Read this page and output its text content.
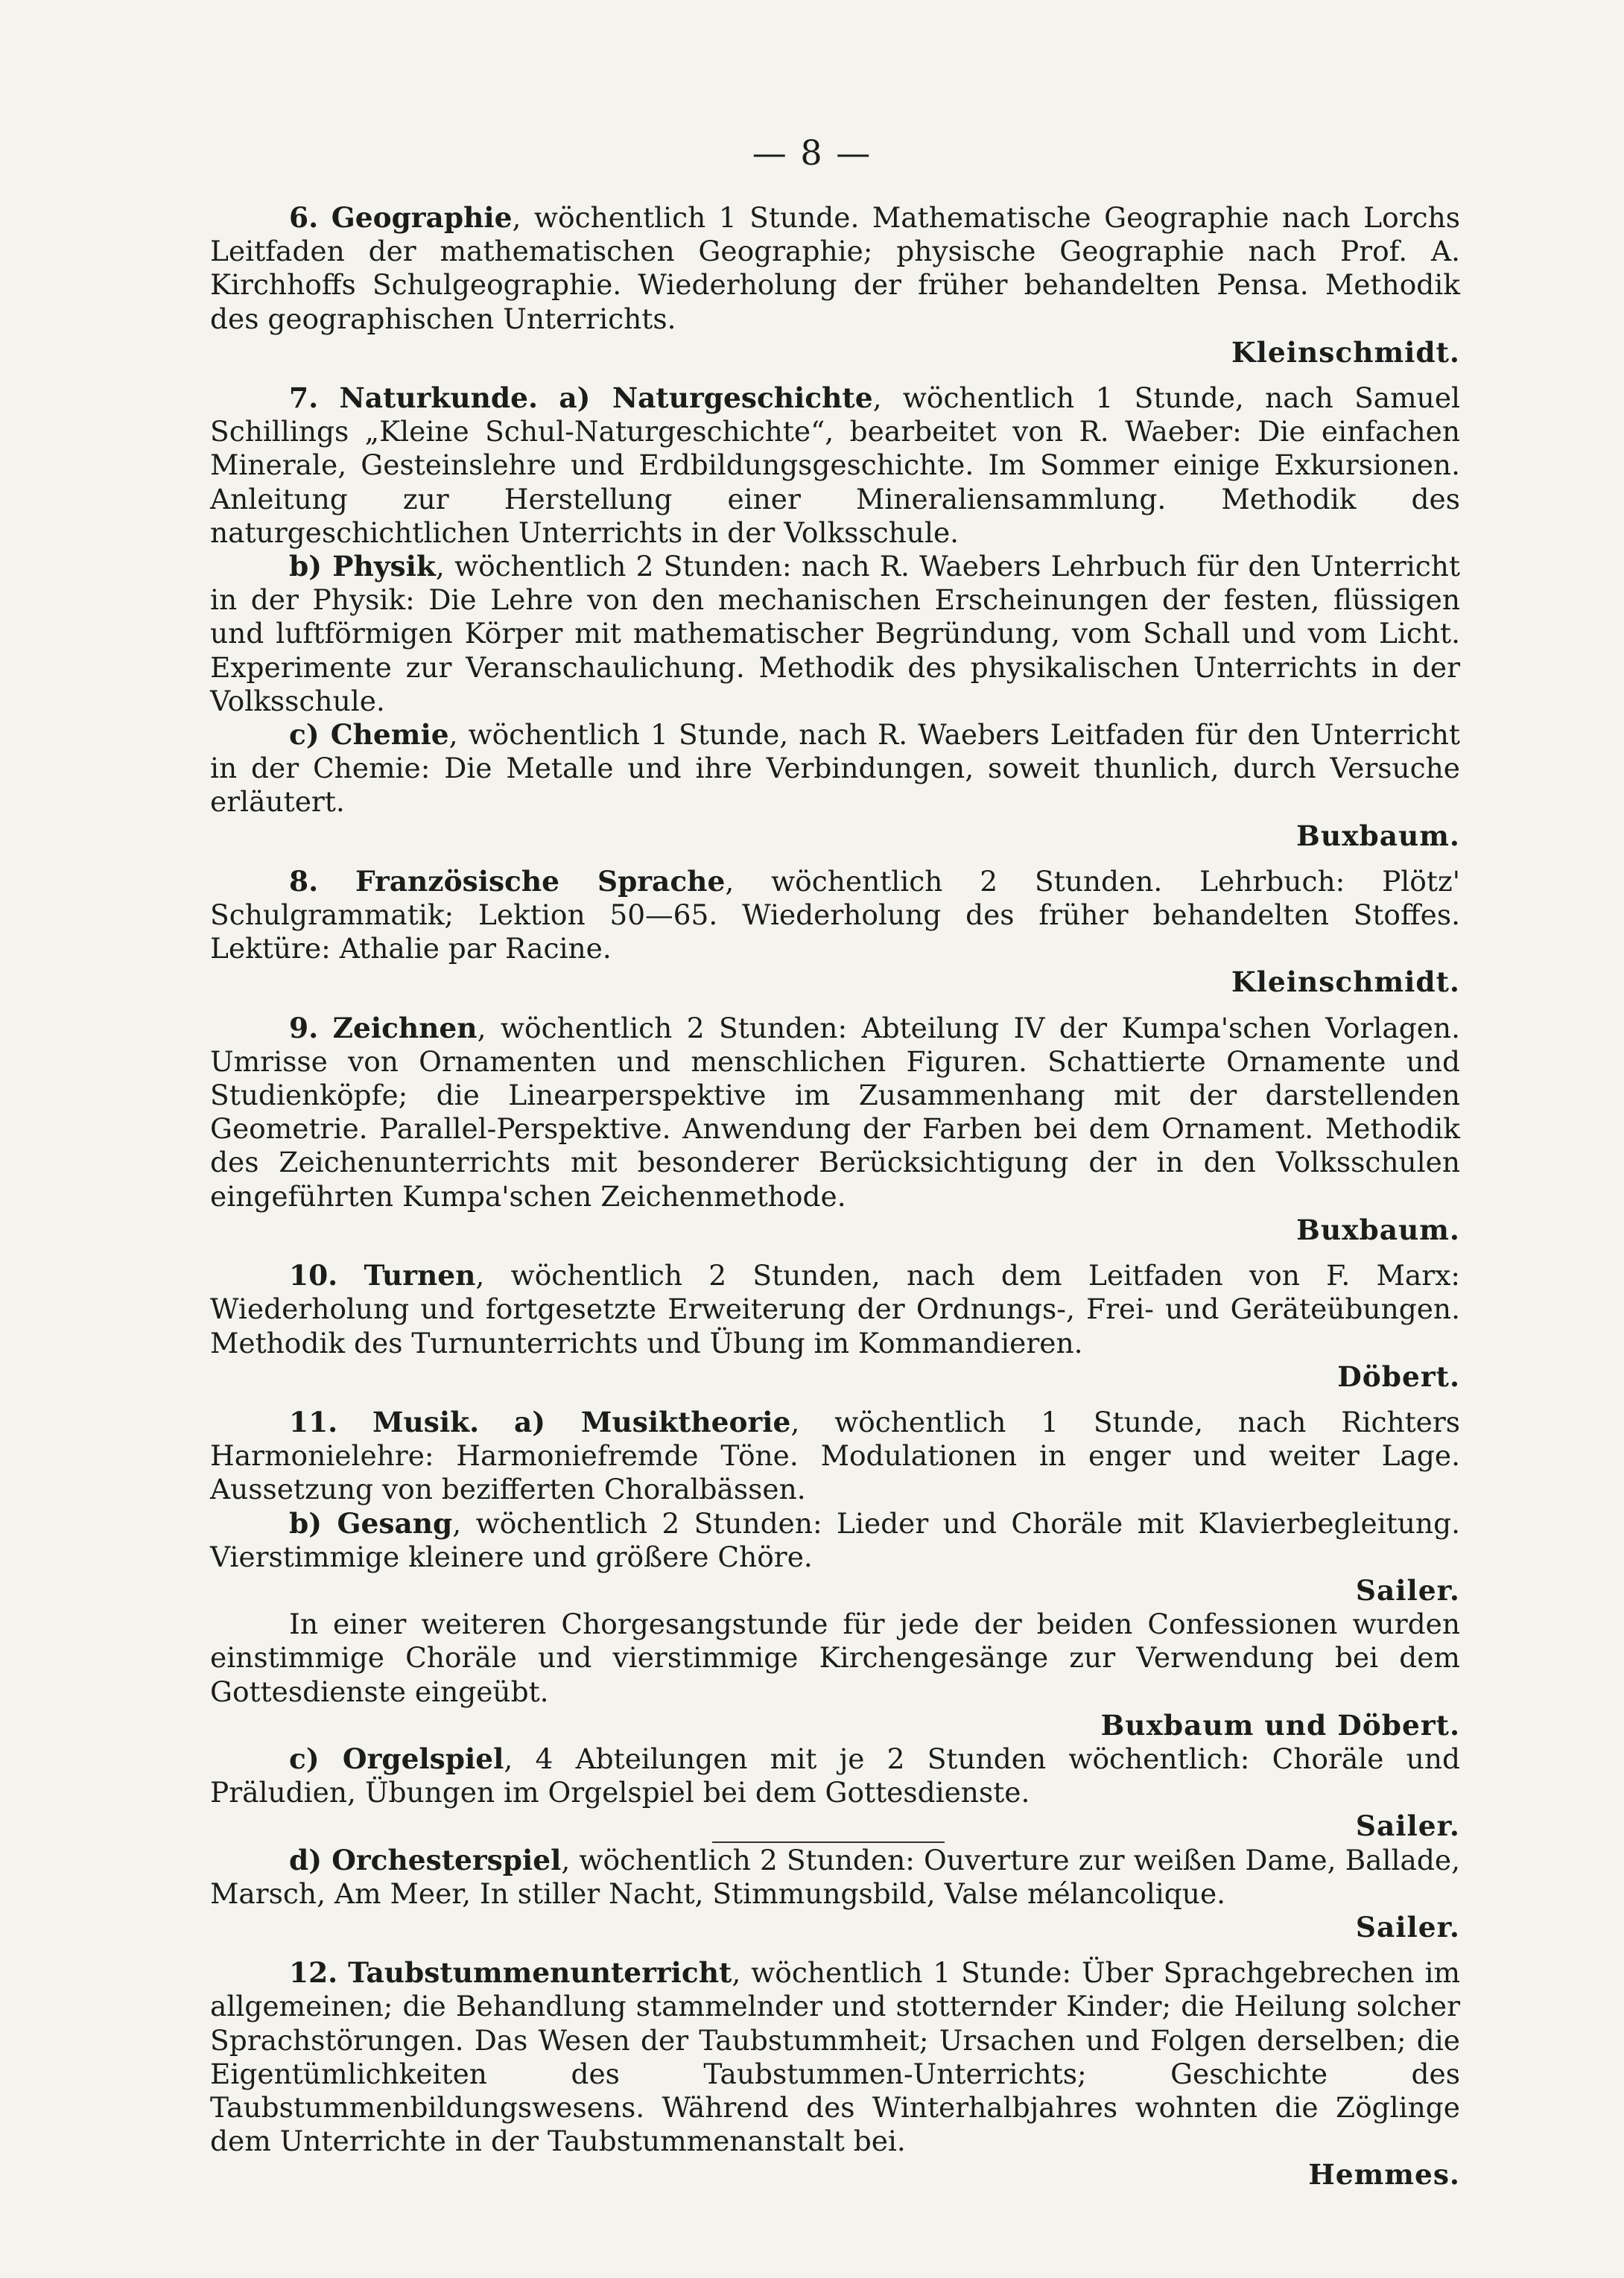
— 8 —

6. Geographie, wöchentlich 1 Stunde. Mathematische Geographie nach Lorchs Leitfaden der mathematischen Geographie; physische Geographie nach Prof. A. Kirchhoffs Schulgeographie. Wiederholung der früher behandelten Pensa. Methodik des geographischen Unterrichts.

Kleinschmidt.

7. Naturkunde. a) Naturgeschichte, wöchentlich 1 Stunde, nach Samuel Schillings „Kleine Schul-Naturgeschichte“, bearbeitet von R. Waeber: Die einfachen Minerale, Gesteinslehre und Erdbildungsgeschichte. Im Sommer einige Exkursionen. Anleitung zur Herstellung einer Mineraliensammlung. Methodik des naturgeschichtlichen Unterrichts in der Volksschule.

b) Physik, wöchentlich 2 Stunden: nach R. Waebers Lehrbuch für den Unterricht in der Physik: Die Lehre von den mechanischen Erscheinungen der festen, flüssigen und luftförmigen Körper mit mathematischer Begründung, vom Schall und vom Licht. Experimente zur Veranschaulichung. Methodik des physikalischen Unterrichts in der Volksschule.

c) Chemie, wöchentlich 1 Stunde, nach R. Waebers Leitfaden für den Unterricht in der Chemie: Die Metalle und ihre Verbindungen, soweit thunlich, durch Versuche erläutert.

Buxbaum.

8. Französische Sprache, wöchentlich 2 Stunden. Lehrbuch: Plötz' Schulgrammatik; Lektion 50—65. Wiederholung des früher behandelten Stoffes. Lektüre: Athalie par Racine.

Kleinschmidt.

9. Zeichnen, wöchentlich 2 Stunden: Abteilung IV der Kumpa'schen Vorlagen. Umrisse von Ornamenten und menschlichen Figuren. Schattierte Ornamente und Studienköpfe; die Linearperspektive im Zusammenhang mit der darstellenden Geometrie. Parallel-Perspektive. Anwendung der Farben bei dem Ornament. Methodik des Zeichenunterrichts mit besonderer Berücksichtigung der in den Volksschulen eingeführten Kumpa'schen Zeichenmethode.

Buxbaum.

10. Turnen, wöchentlich 2 Stunden, nach dem Leitfaden von F. Marx: Wiederholung und fortgesetzte Erweiterung der Ordnungs-, Frei- und Geräteübungen. Methodik des Turnunterrichts und Übung im Kommandieren.

Döbert.

11. Musik. a) Musiktheorie, wöchentlich 1 Stunde, nach Richters Harmonielehre: Harmoniefremde Töne. Modulationen in enger und weiter Lage. Aussetzung von bezifferten Choralbässen.

b) Gesang, wöchentlich 2 Stunden: Lieder und Choräle mit Klavierbegleitung. Vierstimmige kleinere und größere Chöre.

Sailer.

In einer weiteren Chorgesangstunde für jede der beiden Confessionen wurden einstimmige Choräle und vierstimmige Kirchengesänge zur Verwendung bei dem Gottesdienste eingeübt.

Buxbaum und Döbert.

c) Orgelspiel, 4 Abteilungen mit je 2 Stunden wöchentlich: Choräle und Präludien, Übungen im Orgelspiel bei dem Gottesdienste.

Sailer.

d) Orchesterspiel, wöchentlich 2 Stunden: Ouverture zur weißen Dame, Ballade, Marsch, Am Meer, In stiller Nacht, Stimmungsbild, Valse mélancolique.

Sailer.

12. Taubstummenunterricht, wöchentlich 1 Stunde: Über Sprachgebrechen im allgemeinen; die Behandlung stammelnder und stotternder Kinder; die Heilung solcher Sprachstörungen. Das Wesen der Taubstummheit; Ursachen und Folgen derselben; die Eigentümlichkeiten des Taubstummen-Unterrichts; Geschichte des Taubstummenbildungswesens. Während des Winterhalbjahres wohnten die Zöglinge dem Unterrichte in der Taubstummenanstalt bei.

Hemmes.
